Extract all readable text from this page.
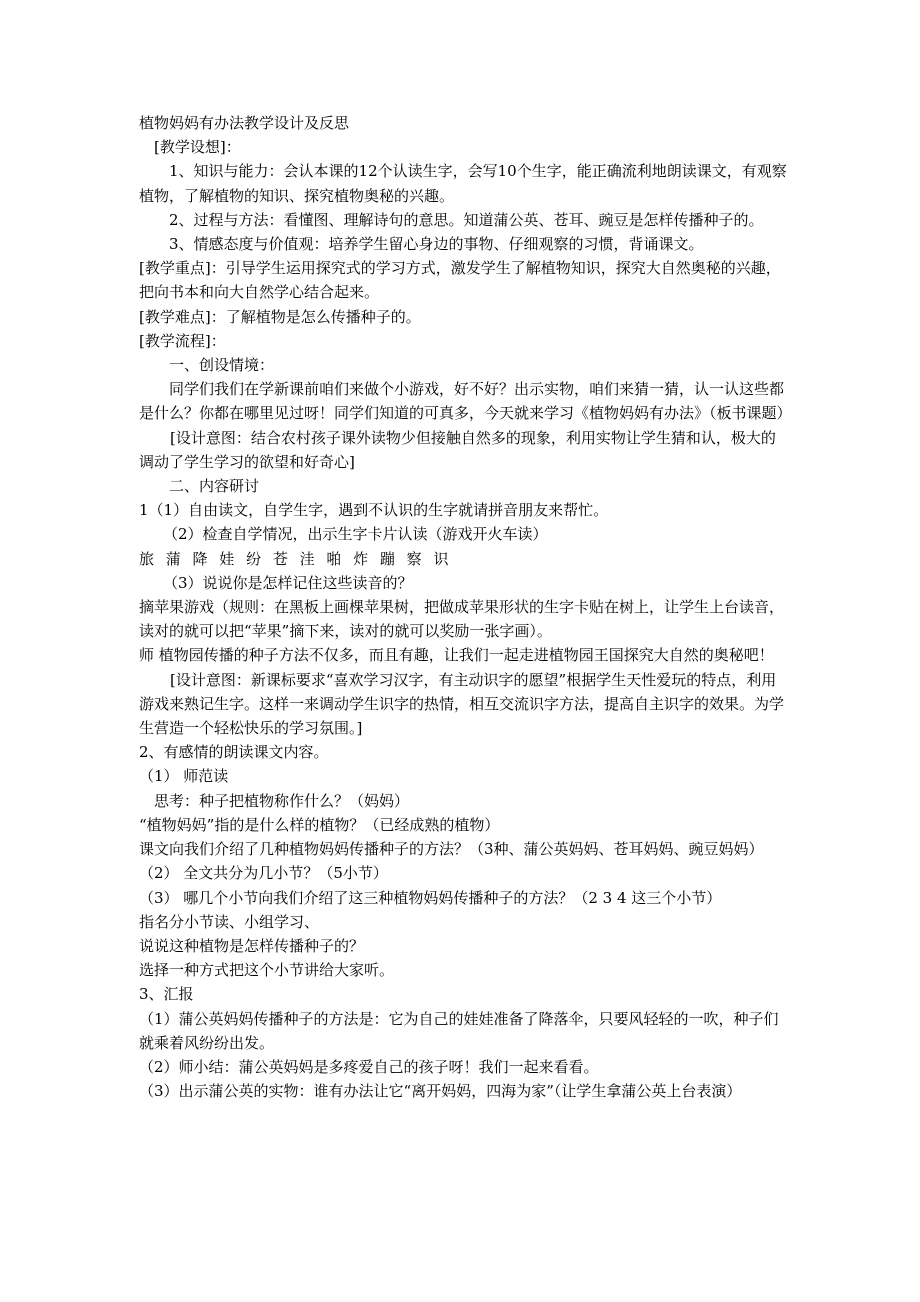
植物妈妈有办法教学设计及反思

[教学设想]：

1、知识与能力：会认本课的12个认读生字，会写10个生字，能正确流利地朗读课文，有观察植物，了解植物的知识、探究植物奥秘的兴趣。

2、过程与方法：看懂图、理解诗句的意思。知道蒲公英、苍耳、豌豆是怎样传播种子的。

3、情感态度与价值观：培养学生留心身边的事物、仔细观察的习惯，背诵课文。

[教学重点]：引导学生运用探究式的学习方式，激发学生了解植物知识，探究大自然奥秘的兴趣，把向书本和向大自然学心结合起来。

[教学难点]：了解植物是怎么传播种子的。

[教学流程]：

一、创设情境：

同学们我们在学新课前咱们来做个小游戏，好不好？出示实物，咱们来猜一猜，认一认这些都是什么？你都在哪里见过呀！同学们知道的可真多，今天就来学习《植物妈妈有办法》（板书课题）

[设计意图：结合农村孩子课外读物少但接触自然多的现象，利用实物让学生猜和认，极大的调动了学生学习的欲望和好奇心]

二、内容研讨

1（1）自由读文，自学生字，遇到不认识的生字就请拼音朋友来帮忙。

（2）检查自学情况，出示生字卡片认读（游戏开火车读）

旅 蒲 降 娃 纷 苍 洼 啪 炸 蹦 察 识

（3）说说你是怎样记住这些读音的？

摘苹果游戏（规则：在黑板上画棵苹果树，把做成苹果形状的生字卡贴在树上，让学生上台读音，读对的就可以把“苹果”摘下来，读对的就可以奖励一张字画）。

师 植物园传播的种子方法不仅多，而且有趣，让我们一起走进植物园王国探究大自然的奥秘吧！

[设计意图：新课标要求“喜欢学习汉字，有主动识字的愿望”根据学生天性爱玩的特点，利用游戏来熟记生字。这样一来调动学生识字的热情，相互交流识字方法，提高自主识字的效果。为学生营造一个轻松快乐的学习氛围。]

2、有感情的朗读课文内容。

（1） 师范读

思考：种子把植物称作什么？（妈妈）

“植物妈妈”指的是什么样的植物？（已经成熟的植物）

课文向我们介绍了几种植物妈妈传播种子的方法？（3种、蒲公英妈妈、苍耳妈妈、豌豆妈妈）

（2） 全文共分为几小节？（5小节）

（3） 哪几个小节向我们介绍了这三种植物妈妈传播种子的方法？（2 3 4 这三个小节）

指名分小节读、小组学习、

说说这种植物是怎样传播种子的？

选择一种方式把这个小节讲给大家听。

3、汇报

（1）蒲公英妈妈传播种子的方法是：它为自己的娃娃准备了降落伞，只要风轻轻的一吹，种子们就乘着风纷纷出发。

（2）师小结：蒲公英妈妈是多疼爱自己的孩子呀！我们一起来看看。

（3）出示蒲公英的实物：谁有办法让它“离开妈妈，四海为家”（让学生拿蒲公英上台表演）
